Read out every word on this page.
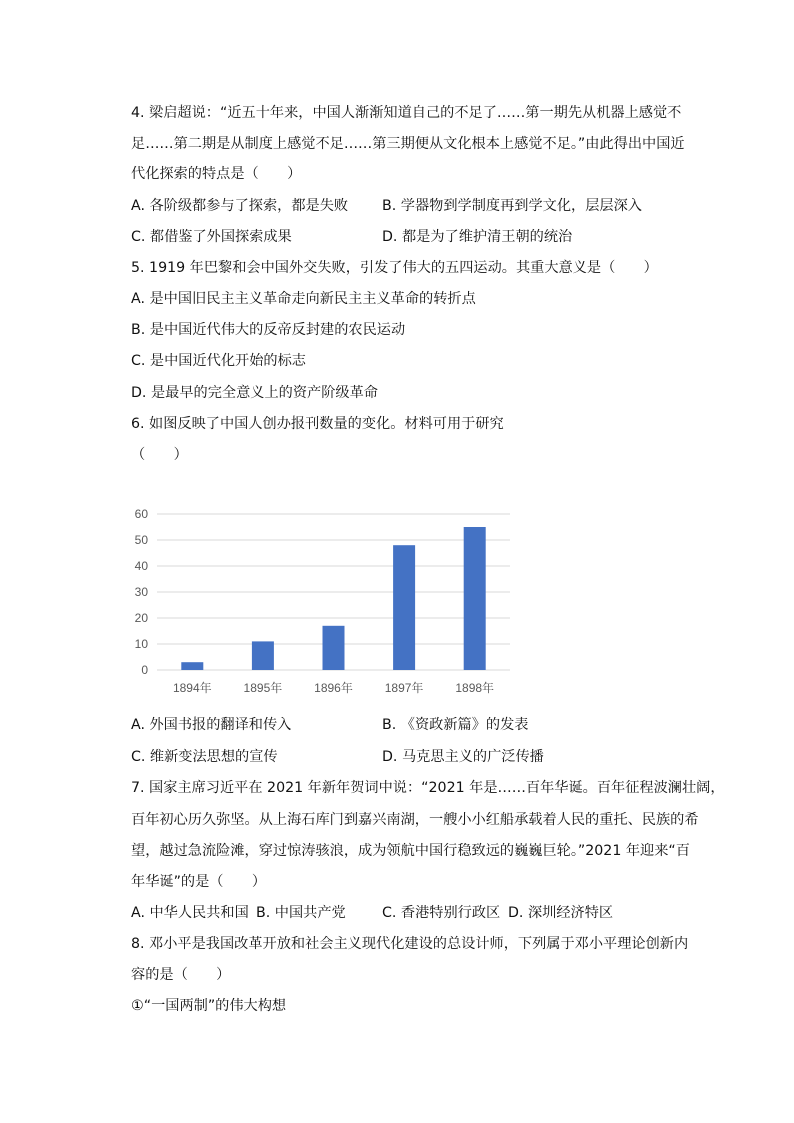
4. 梁启超说：“近五十年来，中国人渐渐知道自己的不足了……第一期先从机器上感觉不
足……第二期是从制度上感觉不足……第三期便从文化根本上感觉不足。”由此得出中国近
代化探索的特点是（　　）
A. 各阶级都参与了探索，都是失败 B. 学器物到学制度再到学文化，层层深入
C. 都借鉴了外国探索成果	D. 都是为了维护清王朝的统治
5. 1919 年巴黎和会中国外交失败，引发了伟大的五四运动。其重大意义是（　　）
A. 是中国旧民主主义革命走向新民主主义革命的转折点
B. 是中国近代伟大的反帝反封建的农民运动
C. 是中国近代化开始的标志
D. 是最早的完全意义上的资产阶级革命
6. 如图反映了中国人创办报刊数量的变化。材料可用于研究
（　　）
0
10
20
30
40
50
60
1894年	1895年	1896年	1897年	1898年
A. 外国书报的翻译和传入	B. 《资政新篇》的发表
C. 维新变法思想的宣传	D. 马克思主义的广泛传播
7. 国家主席习近平在 2021 年新年贺词中说：“2021 年是……百年华诞。百年征程波澜壮阔，
百年初心历久弥坚。从上海石库门到嘉兴南湖，一艘小小红船承载着人民的重托、民族的希
望，越过急流险滩，穿过惊涛骇浪，成为领航中国行稳致远的巍巍巨轮。”2021 年迎来“百
年华诞”的是（　　）
A. 中华人民共和国 B. 中国共产党	C. 香港特别行政区 D. 深圳经济特区
8. 邓小平是我国改革开放和社会主义现代化建设的总设计师，下列属于邓小平理论创新内
容的是（　　）
①“一国两制”的伟大构想
